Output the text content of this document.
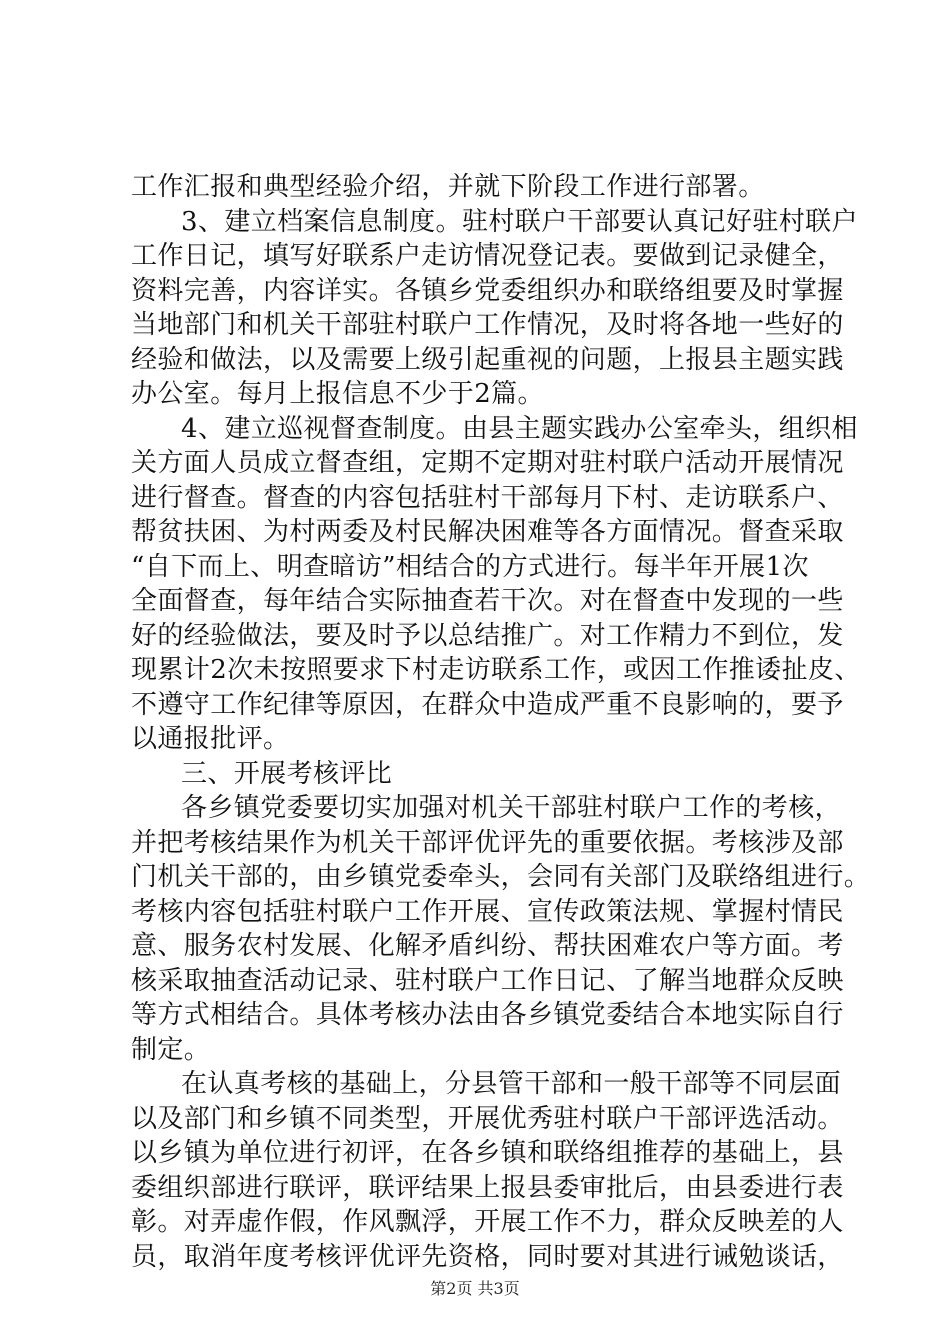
工作汇报和典型经验介绍，并就下阶段工作进行部署。
3、建立档案信息制度。驻村联户干部要认真记好驻村联户
工作日记，填写好联系户走访情况登记表。要做到记录健全，
资料完善，内容详实。各镇乡党委组织办和联络组要及时掌握
当地部门和机关干部驻村联户工作情况，及时将各地一些好的
经验和做法，以及需要上级引起重视的问题，上报县主题实践
办公室。每月上报信息不少于2篇。
4、建立巡视督查制度。由县主题实践办公室牵头，组织相
关方面人员成立督查组，定期不定期对驻村联户活动开展情况
进行督查。督查的内容包括驻村干部每月下村、走访联系户、
帮贫扶困、为村两委及村民解决困难等各方面情况。督查采取
“自下而上、明查暗访”相结合的方式进行。每半年开展1次
全面督查，每年结合实际抽查若干次。对在督查中发现的一些
好的经验做法，要及时予以总结推广。对工作精力不到位，发
现累计2次未按照要求下村走访联系工作，或因工作推诿扯皮、
不遵守工作纪律等原因，在群众中造成严重不良影响的，要予
以通报批评。
三、开展考核评比
各乡镇党委要切实加强对机关干部驻村联户工作的考核，
并把考核结果作为机关干部评优评先的重要依据。考核涉及部
门机关干部的，由乡镇党委牵头，会同有关部门及联络组进行。
考核内容包括驻村联户工作开展、宣传政策法规、掌握村情民
意、服务农村发展、化解矛盾纠纷、帮扶困难农户等方面。考
核采取抽查活动记录、驻村联户工作日记、了解当地群众反映
等方式相结合。具体考核办法由各乡镇党委结合本地实际自行
制定。
在认真考核的基础上，分县管干部和一般干部等不同层面
以及部门和乡镇不同类型，开展优秀驻村联户干部评选活动。
以乡镇为单位进行初评，在各乡镇和联络组推荐的基础上，县
委组织部进行联评，联评结果上报县委审批后，由县委进行表
彰。对弄虚作假，作风飘浮，开展工作不力，群众反映差的人
员，取消年度考核评优评先资格，同时要对其进行诫勉谈话，
第2页 共3页
